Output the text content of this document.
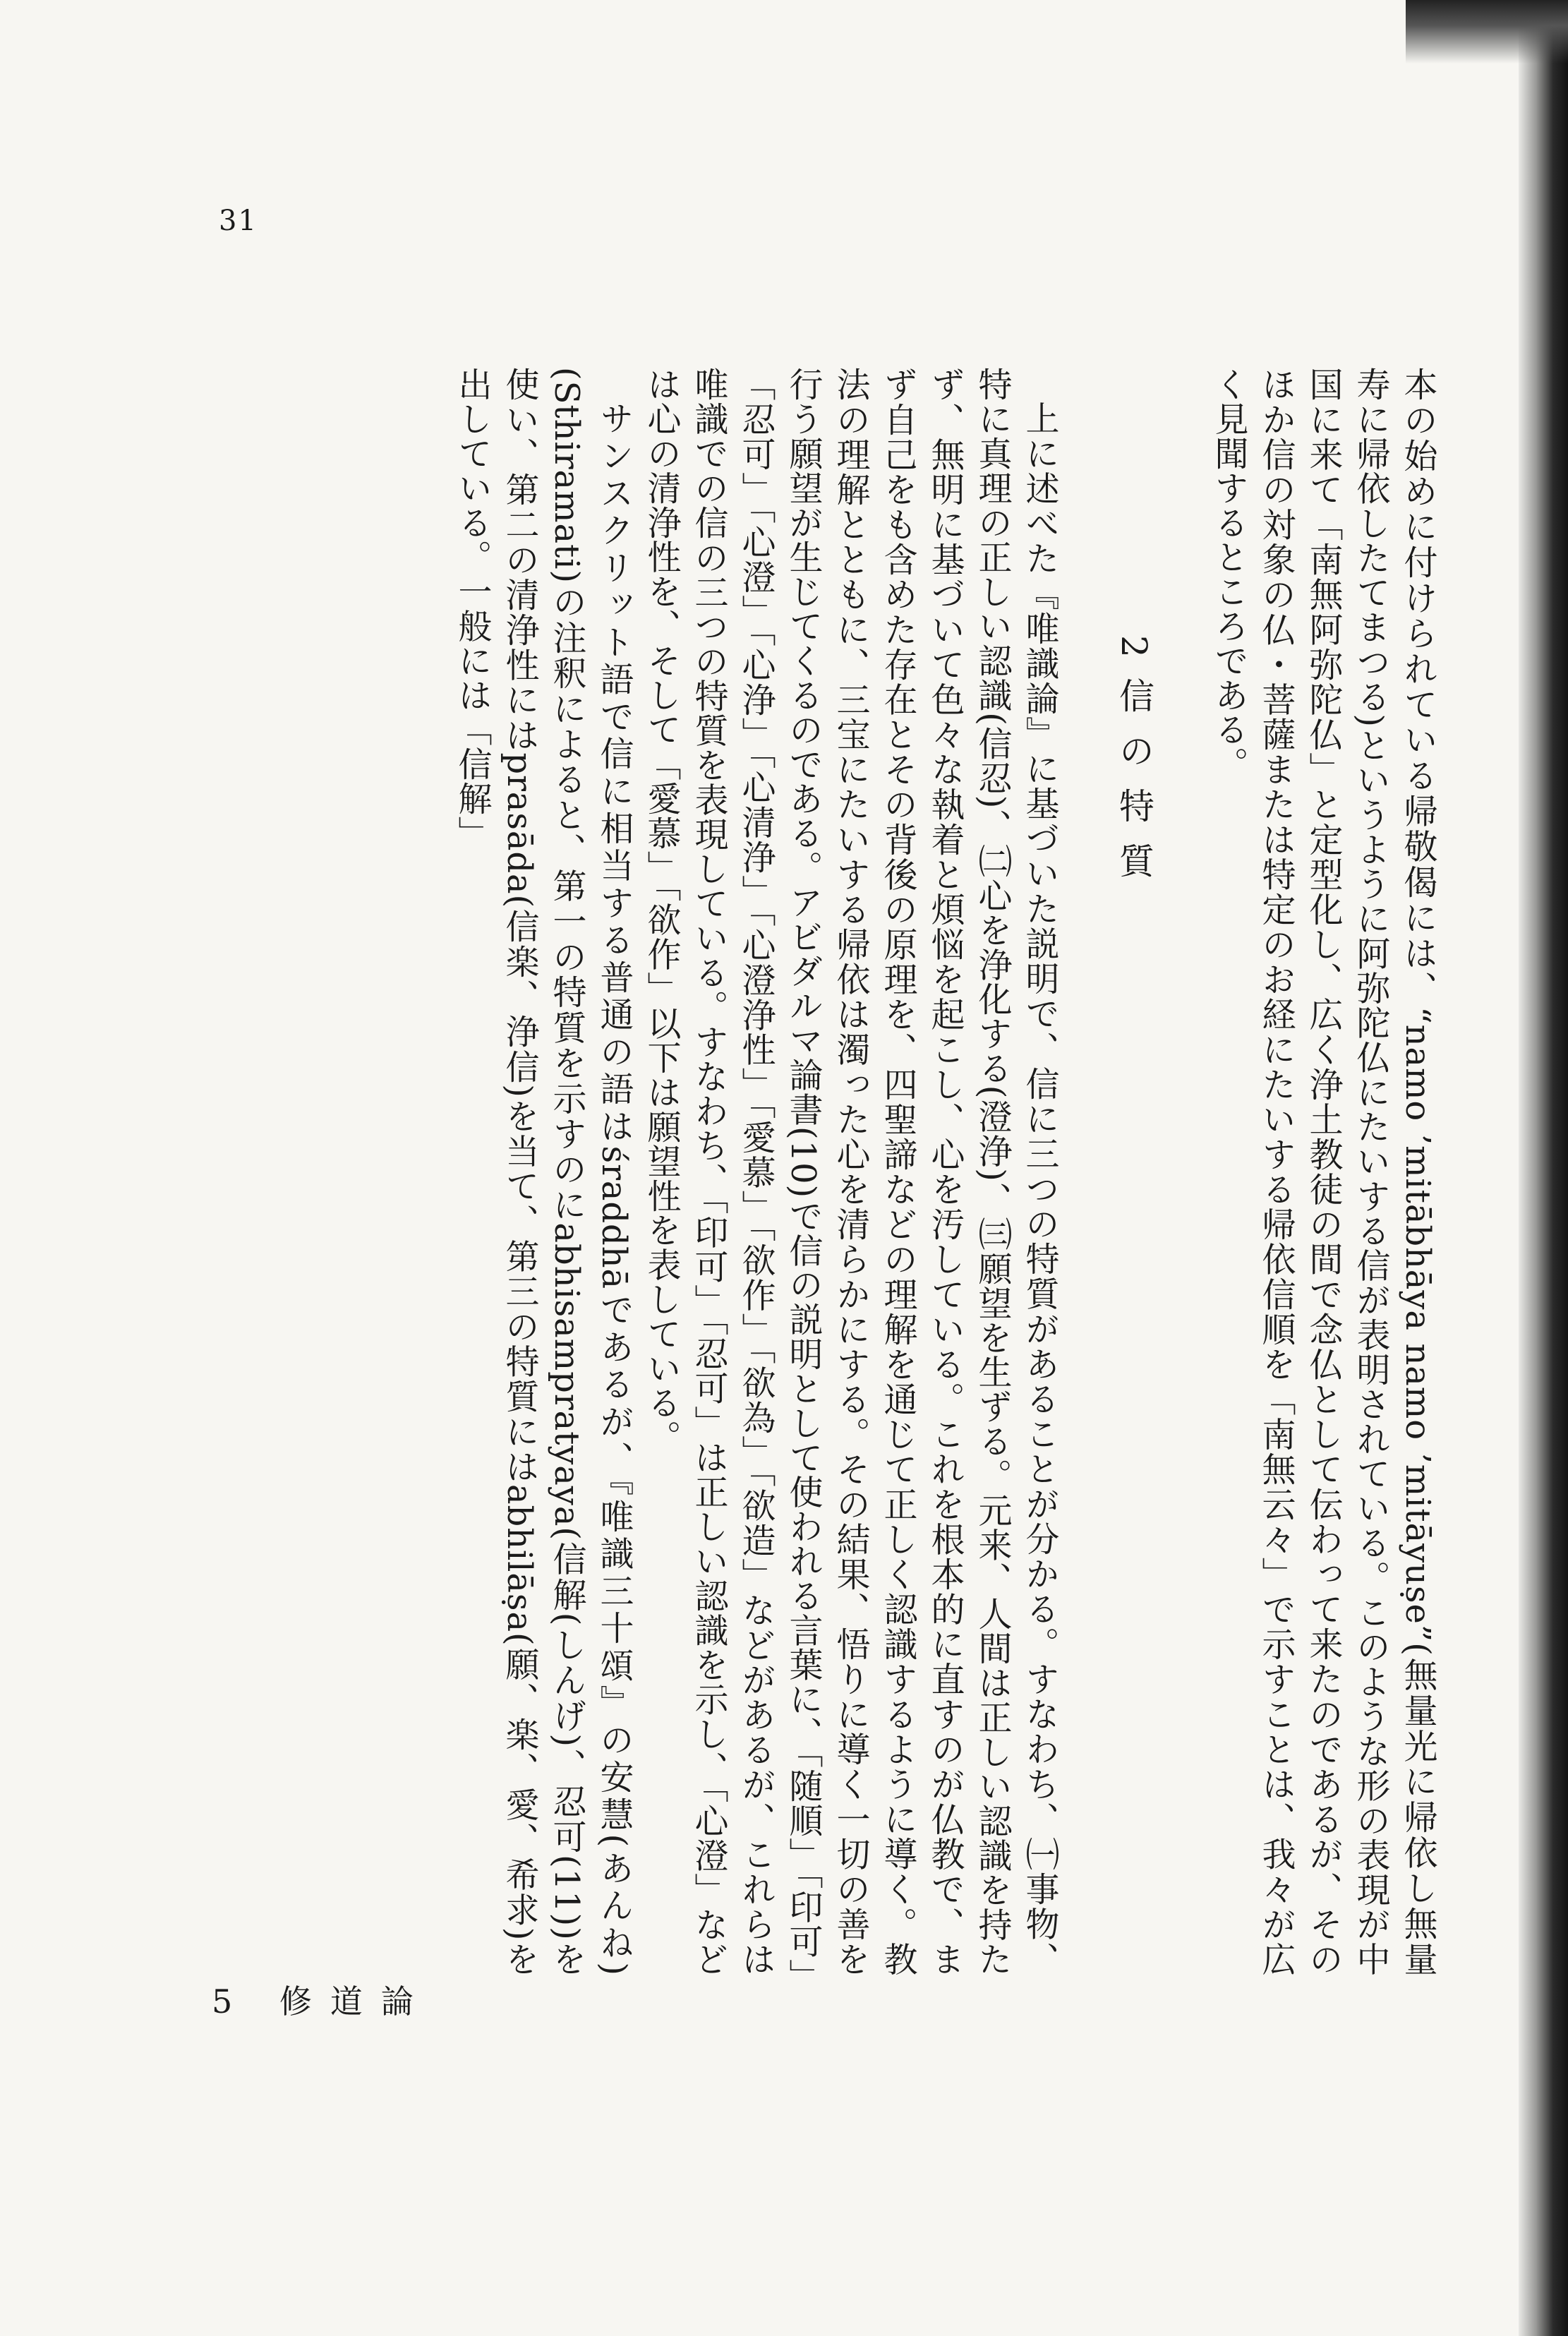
31

本の始めに付けられている帰敬偈には、“namo ’mitābhāya namo ’mitāyuṣe”(無量光に帰依し無量寿に帰依したてまつる)というように阿弥陀仏にたいする信が表明されている。このような形の表現が中国に来て「南無阿弥陀仏」と定型化し、広く浄土教徒の間で念仏として伝わって来たのであるが、そのほか信の対象の仏・菩薩または特定のお経にたいする帰依信順を「南無云々」で示すことは、我々が広く見聞するところである。

2信の特質

上に述べた『唯識論』に基づいた説明で、信に三つの特質があることが分かる。すなわち、㈠事物、特に真理の正しい認識(信忍)、㈡心を浄化する(澄浄)、㈢願望を生ずる。元来、人間は正しい認識を持たず、無明に基づいて色々な執着と煩悩を起こし、心を汚している。これを根本的に直すのが仏教で、まず自己をも含めた存在とその背後の原理を、四聖諦などの理解を通じて正しく認識するように導く。教法の理解とともに、三宝にたいする帰依は濁った心を清らかにする。その結果、悟りに導く一切の善を行う願望が生じてくるのである。アビダルマ論書(10)で信の説明として使われる言葉に、「随順」「印可」「忍可」「心澄」「心浄」「心清浄」「心澄浄性」「愛慕」「欲作」「欲為」「欲造」などがあるが、これらは唯識での信の三つの特質を表現している。すなわち、「印可」「忍可」は正しい認識を示し、「心澄」などは心の清浄性を、そして「愛慕」「欲作」以下は願望性を表している。

サンスクリット語で信に相当する普通の語はśraddhāであるが、『唯識三十頌』の安慧(あんね)(Sthiramati)の注釈によると、第一の特質を示すのにabhisampratyaya(信解(しんげ)、忍可(11))を使い、第二の清浄性にはprasāda(信楽、浄信)を当て、第三の特質にはabhilāṣa(願、楽、愛、希求)を出している。一般には「信解」

5 修道論
